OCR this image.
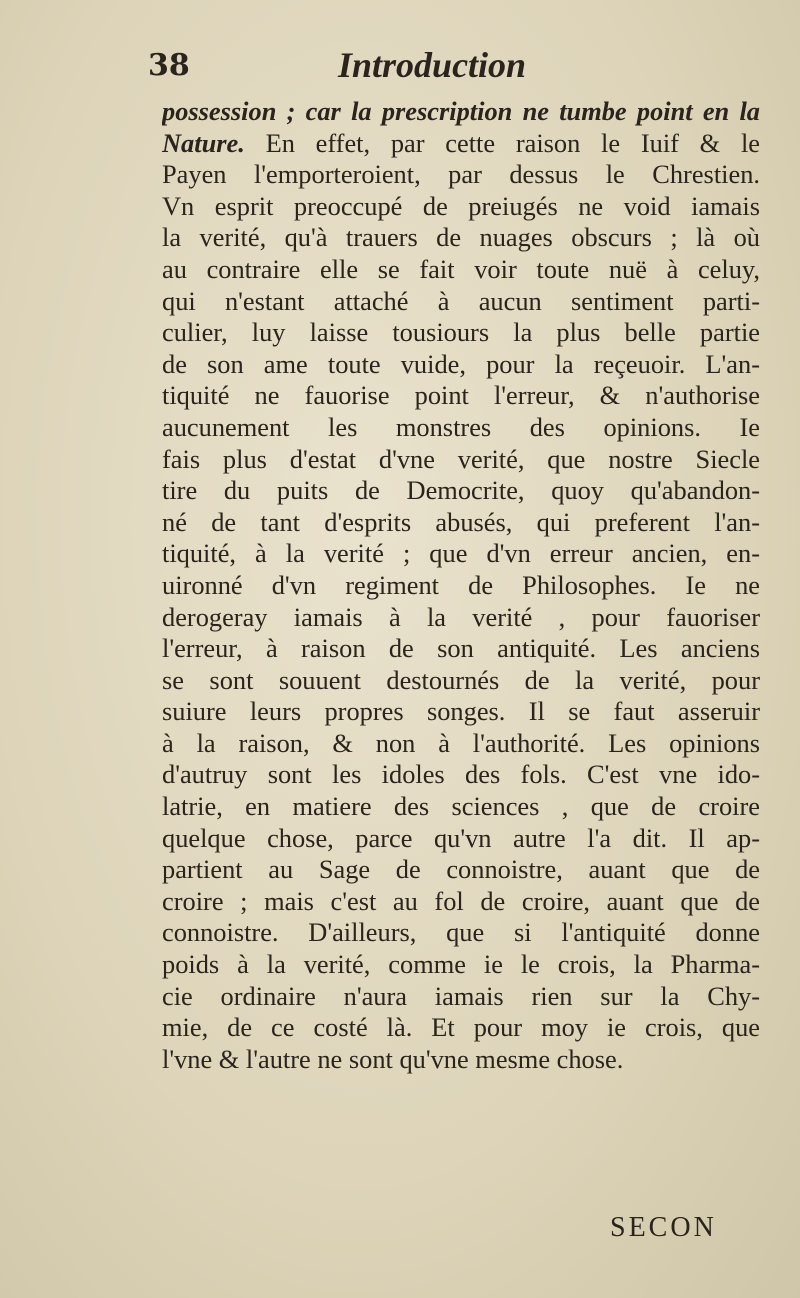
38	Introduction
possession ; car la prescription ne tumbe point en la
Nature. En effet, par cette raison le Iuif & le
Payen l'emporteroient, par dessus le Chrestien.
Vn esprit preoccupé de preiugés ne void iamais
la verité, qu'à trauers de nuages obscurs ; là où
au contraire elle se fait voir toute nuë à celuy,
qui n'estant attaché à aucun sentiment parti-
culier, luy laisse tousiours la plus belle partie
de son ame toute vuide, pour la reçeuoir. L'an-
tiquité ne fauorise point l'erreur, & n'authorise
aucunement les monstres des opinions. Ie
fais plus d'estat d'vne verité, que nostre Siecle
tire du puits de Democrite, quoy qu'abandon-
né de tant d'esprits abusés, qui preferent l'an-
tiquité, à la verité ; que d'vn erreur ancien, en-
uironné d'vn regiment de Philosophes. Ie ne
derogeray iamais à la verité , pour fauoriser
l'erreur, à raison de son antiquité. Les anciens
se sont souuent destournés de la verité, pour
suiure leurs propres songes. Il se faut asseruir
à la raison, & non à l'authorité. Les opinions
d'autruy sont les idoles des fols. C'est vne ido-
latrie, en matiere des sciences , que de croire
quelque chose, parce qu'vn autre l'a dit. Il ap-
partient au Sage de connoistre, auant que de
croire ; mais c'est au fol de croire, auant que de
connoistre. D'ailleurs, que si l'antiquité donne
poids à la verité, comme ie le crois, la Pharma-
cie ordinaire n'aura iamais rien sur la Chy-
mie, de ce costé là. Et pour moy ie crois, que
l'vne & l'autre ne sont qu'vne mesme chose.
SECON
